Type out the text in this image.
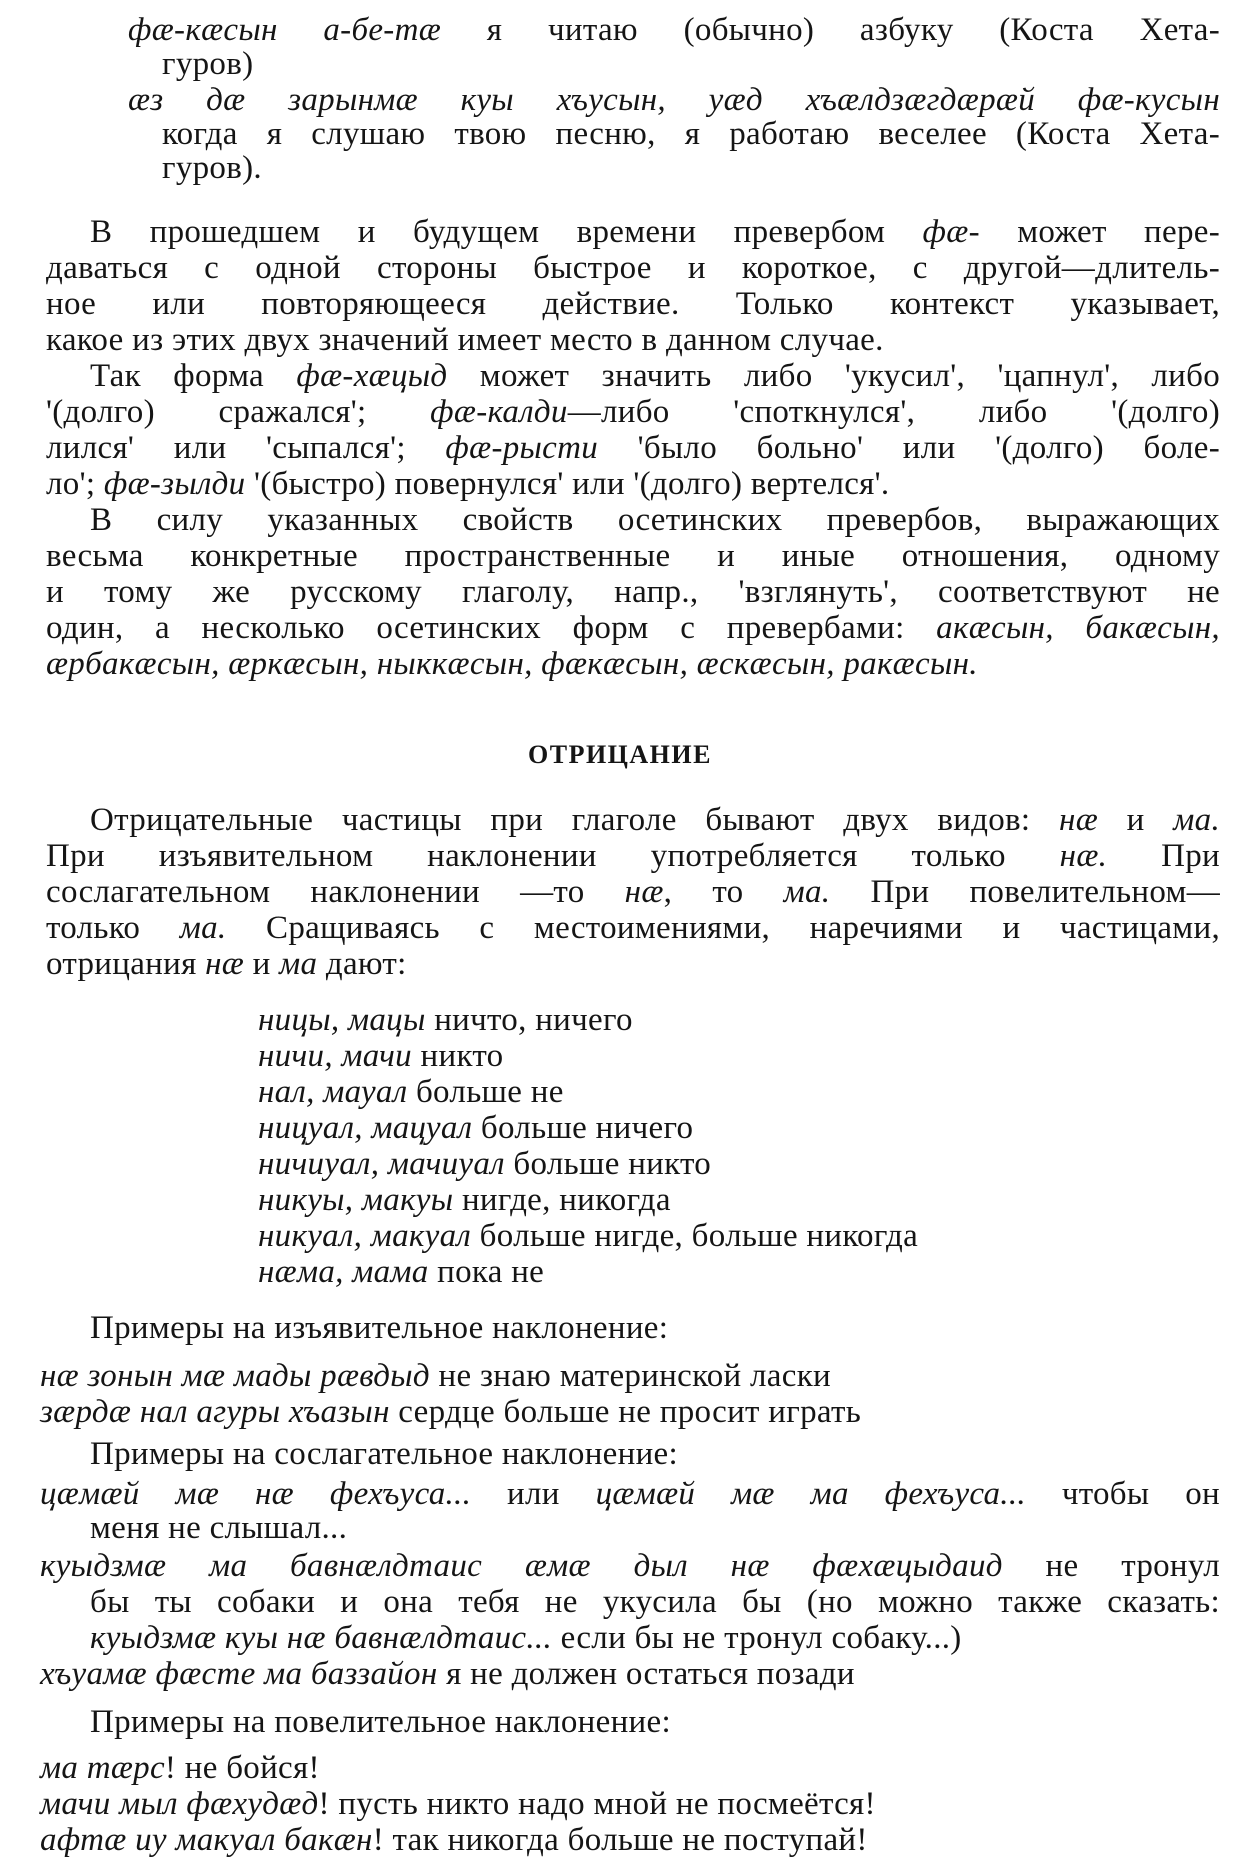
фæ-кæсын а-бе-тæ я читаю (обычно) азбуку (Коста Хета-
гуров)
æз дæ зарынмæ куы хъусын, уæд хъæлдзæгдæрæй фæ-кусын
когда я слушаю твою песню, я работаю веселее (Коста Хета-
гуров).
В прошедшем и будущем времени превербом фæ- может пере-
даваться с одной стороны быстрое и короткое, с другой—длитель-
ное или повторяющееся действие. Только контекст указывает,
какое из этих двух значений имеет место в данном случае.
Так форма фæ-хæцыд может значить либо 'укусил', 'цапнул', либо
'(долго) сражался'; фæ-калди—либо 'споткнулся', либо '(долго)
лился' или 'сыпался'; фæ-рысти 'было больно' или '(долго) боле-
ло'; фæ-зылди '(быстро) повернулся' или '(долго) вертелся'.
В силу указанных свойств осетинских превербов, выражающих
весьма конкретные пространственные и иные отношения, одному
и тому же русскому глаголу, напр., 'взглянуть', соответствуют не
один, а несколько осетинских форм с превербами: акæсын, бакæсын,
æрбакæсын, æркæсын, ныккæсын, фæкæсын, æскæсын, ракæсын.
ОТРИЦАНИЕ
Отрицательные частицы при глаголе бывают двух видов: нæ и ма.
При изъявительном наклонении употребляется только нæ. При
сослагательном наклонении —то нæ, то ма. При повелительном—
только ма. Сращиваясь с местоимениями, наречиями и частицами,
отрицания нæ и ма дают:
ницы, мацы ничто, ничего
ничи, мачи никто
нал, мауал больше не
ницуал, мацуал больше ничего
ничиуал, мачиуал больше никто
никуы, макуы нигде, никогда
никуал, макуал больше нигде, больше никогда
нæма, мама пока не
Примеры на изъявительное наклонение:
нæ зонын мæ мады рæвдыд не знаю материнской ласки
зæрдæ нал агуры хъазын сердце больше не просит играть
Примеры на сослагательное наклонение:
цæмæй мæ нæ фехъуса... или цæмæй мæ ма фехъуса... чтобы он
меня не слышал...
куыдзмæ ма бавнæлдтаис æмæ дыл нæ фæхæцыдаид не тронул
бы ты собаки и она тебя не укусила бы (но можно также сказать:
куыдзмæ куы нæ бавнæлдтаис... если бы не тронул собаку...)
хъуамæ фæсте ма баззайон я не должен остаться позади
Примеры на повелительное наклонение:
ма тæрс! не бойся!
мачи мыл фæхудæд! пусть никто надо мной не посмеётся!
афтæ иу макуал бакæн! так никогда больше не поступай!
